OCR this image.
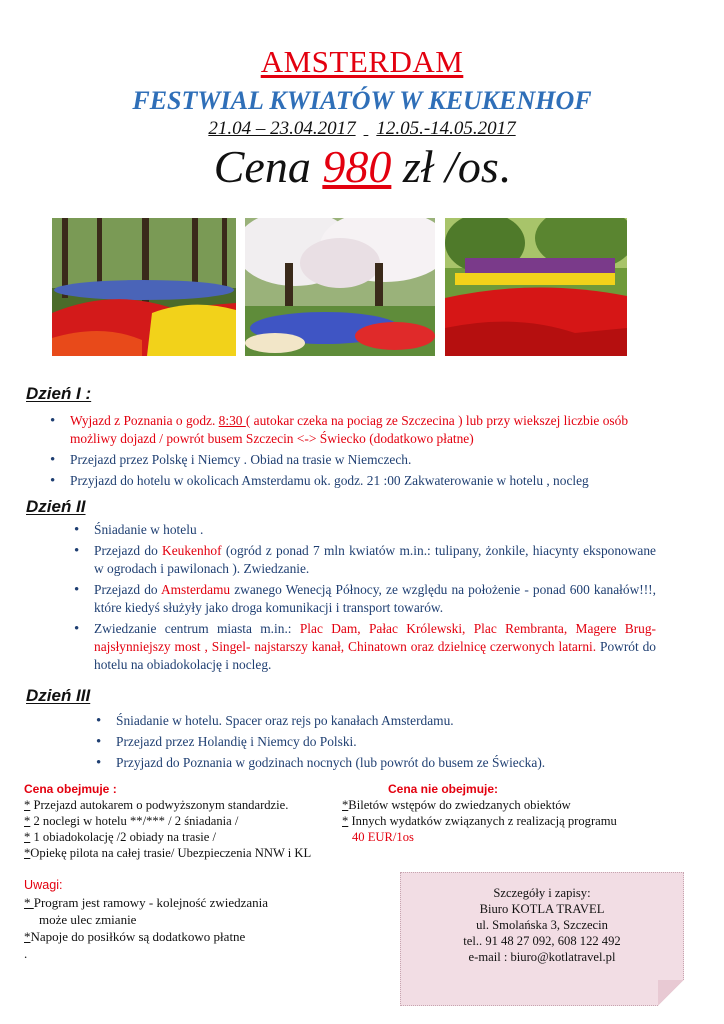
AMSTERDAM
FESTWIAL KWIATÓW W KEUKENHOF
21.04 – 23.04.2017 12.05.-14.05.2017
Cena 980 zł /os.
Dzień I :
• Wyjazd z Poznania o godz. 8:30 ( autokar czeka na pociag ze Szczecina ) lub przy wiekszej liczbie osób możliwy dojazd / powrót busem Szczecin <-> Świecko (dodatkowo płatne)
• Przejazd przez Polskę i Niemcy . Obiad na trasie w Niemczech.
• Przyjazd do hotelu w okolicach Amsterdamu ok. godz. 21 :00 Zakwaterowanie w hotelu , nocleg
Dzień II
• Śniadanie w hotelu .
• Przejazd do Keukenhof (ogród z ponad 7 mln kwiatów m.in.: tulipany, żonkile, hiacynty eksponowane w ogrodach i pawilonach ). Zwiedzanie.
• Przejazd do Amsterdamu zwanego Wenecją Północy, ze względu na położenie - ponad 600 kanałów!!!, które kiedyś służyły jako droga komunikacji i transport towarów.
• Zwiedzanie centrum miasta m.in.: Plac Dam, Pałac Królewski, Plac Rembranta, Magere Brug- najsłynniejszy most , Singel- najstarszy kanał, Chinatown oraz dzielnicę czerwonych latarni. Powrót do hotelu na obiadokolację i nocleg.
Dzień III
• Śniadanie w hotelu. Spacer oraz rejs po kanałach Amsterdamu.
• Przejazd przez Holandię i Niemcy do Polski.
• Przyjazd do Poznania w godzinach nocnych (lub powrót do busem ze Świecka).
Cena obejmuje :
* Przejazd autokarem o podwyższonym standardzie.
* 2 noclegi w hotelu **/*** / 2 śniadania /
* 1 obiadokolację /2 obiady na trasie /
*Opiekę pilota na całej trasie/ Ubezpieczenia NNW i KL
Cena nie obejmuje:
*Biletów wstępów do zwiedzanych obiektów
* Innych wydatków związanych z realizacją programu
40 EUR/1os
Uwagi:
* Program jest ramowy - kolejność zwiedzania
może ulec zmianie
*Napoje do posiłków są dodatkowo płatne
.
Szczegóły i zapisy:
Biuro KOTLA TRAVEL
ul. Smolańska 3, Szczecin
tel.. 91 48 27 092, 608 122 492
e-mail : biuro@kotlatravel.pl
